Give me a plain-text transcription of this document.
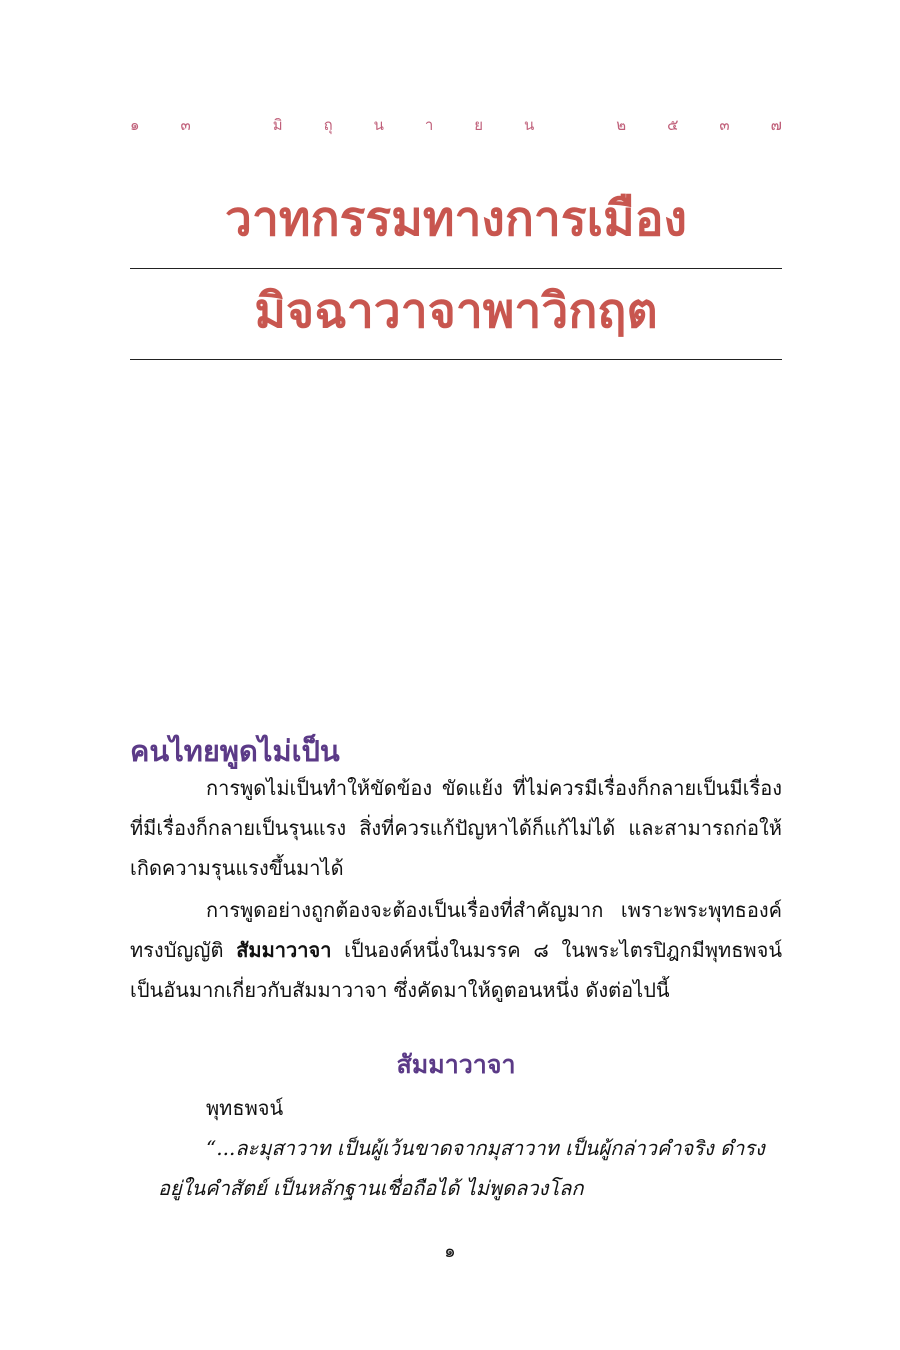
๑	๓	มิ	ถุ	น	า	ย	น	๒	๕	๓	๗
วาทกรรมทางการเมือง
มิจฉาวาจาพาวิกฤต
คนไทยพูดไม่เป็น

การพูดไม่เป็นทำให้ขัดข้อง ขัดแย้ง ที่ไม่ควรมีเรื่องก็กลายเป็นมีเรื่อง ที่มีเรื่องก็กลายเป็นรุนแรง สิ่งที่ควรแก้ปัญหาได้ก็แก้ไม่ได้ และสามารถก่อให้เกิดความรุนแรงขึ้นมาได้

การพูดอย่างถูกต้องจะต้องเป็นเรื่องที่สำคัญมาก เพราะพระพุทธองค์ทรงบัญญัติ สัมมาวาจา เป็นองค์หนึ่งในมรรค ๘ ในพระไตรปิฎกมีพุทธพจน์เป็นอันมากเกี่ยวกับสัมมาวาจา ซึ่งคัดมาให้ดูตอนหนึ่ง ดังต่อไปนี้

สัมมาวาจา
พุทธพจน์
“...ละมุสาวาท เป็นผู้เว้นขาดจากมุสาวาท เป็นผู้กล่าวคำจริง ดำรง
อยู่ในคำสัตย์ เป็นหลักฐานเชื่อถือได้ ไม่พูดลวงโลก
๑
